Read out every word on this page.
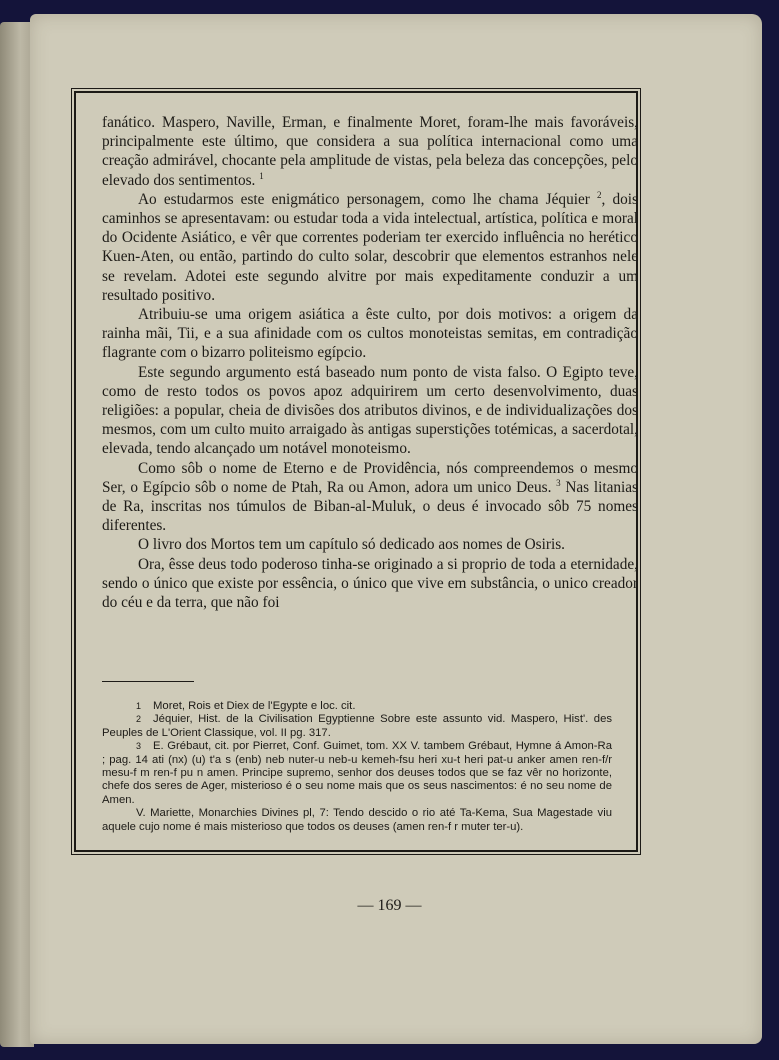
fanático. Maspero, Naville, Erman, e finalmente Moret, foram-lhe mais favoráveis, principalmente este último, que considera a sua política internacional como uma creação admirável, chocante pela amplitude de vistas, pela beleza das concepções, pelo elevado dos sentimentos. $^1$

Ao estudarmos este enigmático personagem, como lhe chama Jéquier $^2$, dois caminhos se apresentavam: ou estudar toda a vida intelectual, artística, política e moral do Ocidente Asiático, e vêr que correntes poderiam ter exercido influência no herético Kuen-Aten, ou então, partindo do culto solar, descobrir que elementos estranhos nele se revelam. Adotei este segundo alvitre por mais expeditamente conduzir a um resultado positivo.

Atribuiu-se uma origem asiática a êste culto, por dois motivos: a origem da rainha mãi, Tii, e a sua afinidade com os cultos monoteistas semitas, em contradição flagrante com o bizarro politeismo egípcio.

Este segundo argumento está baseado num ponto de vista falso. O Egipto teve, como de resto todos os povos apoz adquirirem um certo desenvolvimento, duas religiões: a popular, cheia de divisões dos atributos divinos, e de individualizações dos mesmos, com um culto muito arraigado às antigas superstições totémicas, a sacerdotal, elevada, tendo alcançado um notável monoteismo.

Como sôb o nome de Eterno e de Providência, nós compreendemos o mesmo Ser, o Egípcio sôb o nome de Ptah, Ra ou Amon, adora um unico Deus. $^3$ Nas litanias de Ra, inscritas nos túmulos de Biban-al-Muluk, o deus é invocado sôb 75 nomes diferentes.

O livro dos Mortos tem um capítulo só dedicado aos nomes de Osiris.

Ora, êsse deus todo poderoso tinha-se originado a si proprio de toda a eternidade, sendo o único que existe por essência, o único que vive em substância, o unico creador do céu e da terra, que não foi

1 Moret, Rois et Diex de l'Egypte e loc. cit.

2 Jéquier, Hist. de la Civilisation Egyptienne Sobre este assunto vid. Maspero, Hist'. des Peuples de L'Orient Classique, vol. II pg. 317.

3 E. Grébaut, cit. por Pierret, Conf. Guimet, tom. XX V. tambem Grébaut, Hymne á Amon-Ra ; pag. 14 ati (nx) (u) t'a s (enb) neb nuter-u neb-u kemeh-fsu heri xu-t heri pat-u anker amen ren-f/r mesu-f m ren-f pu n amen. Principe supremo, senhor dos deuses todos que se faz vêr no horizonte, chefe dos seres de Ager, misterioso é o seu nome mais que os seus nascimentos: é no seu nome de Amen.

V. Mariette, Monarchies Divines pl, 7: Tendo descido o rio até Ta-Kema, Sua Magestade viu aquele cujo nome é mais misterioso que todos os deuses (amen ren-f r muter ter-u).

— 169 —
